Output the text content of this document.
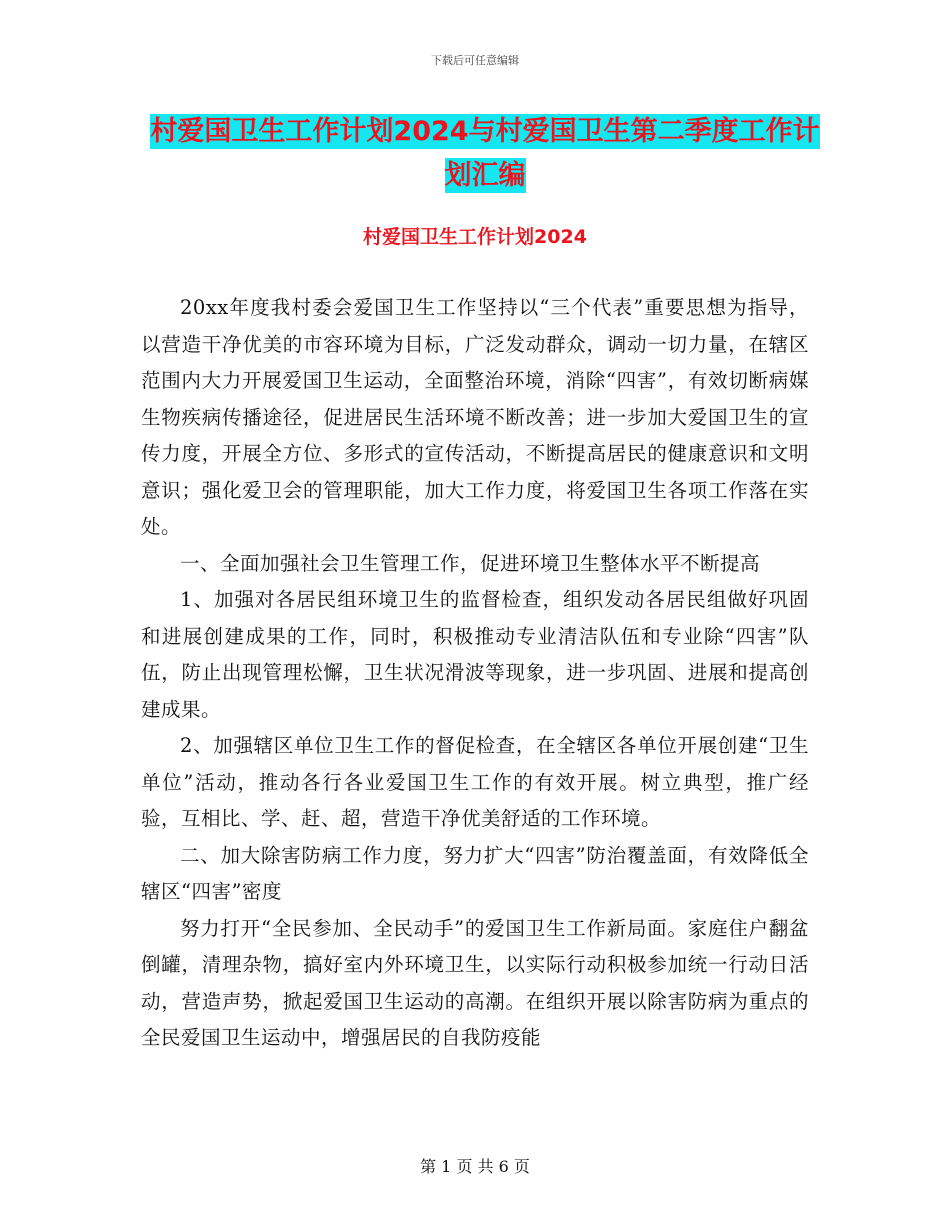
下载后可任意编辑
村爱国卫生工作计划2024与村爱国卫生第二季度工作计划汇编
村爱国卫生工作计划2024

20xx年度我村委会爱国卫生工作坚持以“三个代表”重要思想为指导，以营造干净优美的市容环境为目标，广泛发动群众，调动一切力量，在辖区范围内大力开展爱国卫生运动，全面整治环境，消除“四害”，有效切断病媒生物疾病传播途径，促进居民生活环境不断改善；进一步加大爱国卫生的宣传力度，开展全方位、多形式的宣传活动，不断提高居民的健康意识和文明意识；强化爱卫会的管理职能，加大工作力度，将爱国卫生各项工作落在实处。

一、全面加强社会卫生管理工作，促进环境卫生整体水平不断提高

1、加强对各居民组环境卫生的监督检查，组织发动各居民组做好巩固和进展创建成果的工作，同时，积极推动专业清洁队伍和专业除“四害”队伍，防止出现管理松懈，卫生状况滑波等现象，进一步巩固、进展和提高创建成果。

2、加强辖区单位卫生工作的督促检查，在全辖区各单位开展创建“卫生单位”活动，推动各行各业爱国卫生工作的有效开展。树立典型，推广经验，互相比、学、赶、超，营造干净优美舒适的工作环境。

二、加大除害防病工作力度，努力扩大“四害”防治覆盖面，有效降低全辖区“四害”密度

努力打开“全民参加、全民动手”的爱国卫生工作新局面。家庭住户翻盆倒罐，清理杂物，搞好室内外环境卫生，以实际行动积极参加统一行动日活动，营造声势，掀起爱国卫生运动的高潮。在组织开展以除害防病为重点的全民爱国卫生运动中，增强居民的自我防疫能

第 1 页 共 6 页
